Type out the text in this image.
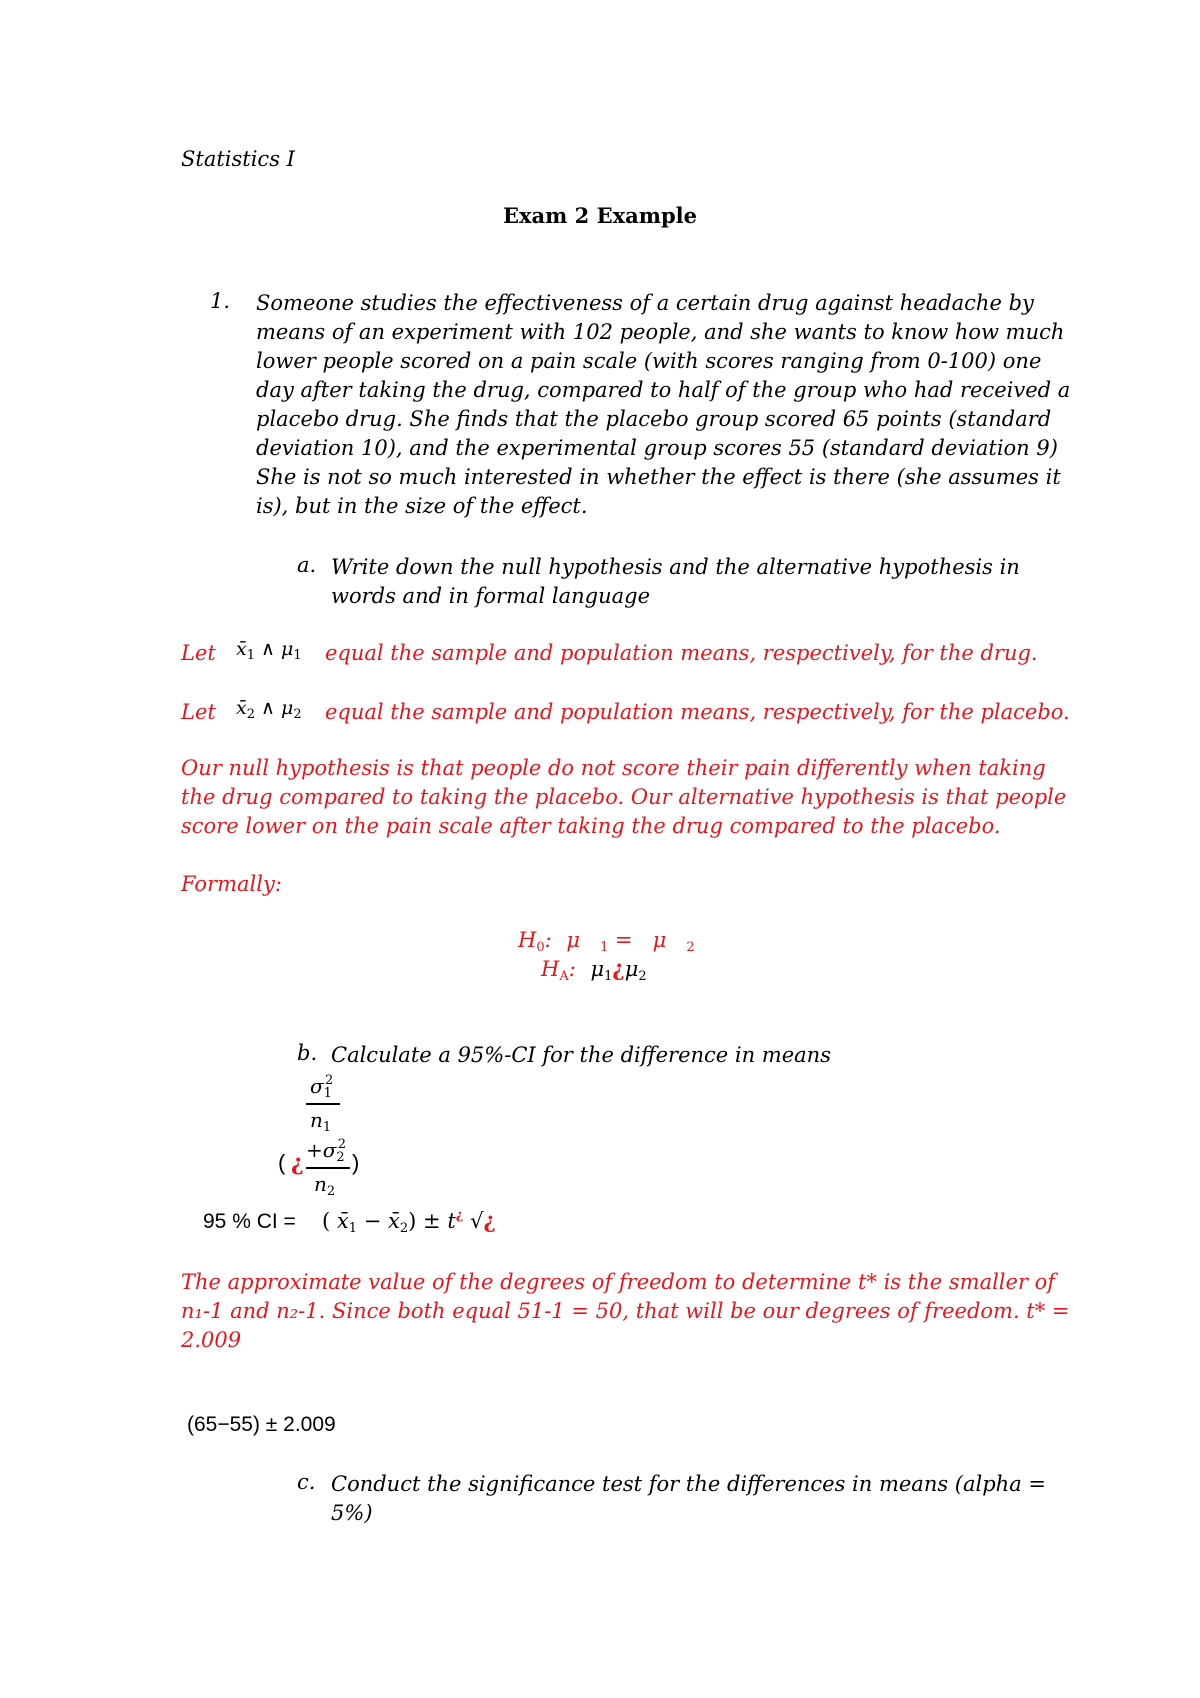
Statistics I
Exam 2 Example
1. Someone studies the effectiveness of a certain drug against headache by
means of an experiment with 102 people, and she wants to know how much
lower people scored on a pain scale (with scores ranging from 0-100) one
day after taking the drug, compared to half of the group who had received a
placebo drug. She finds that the placebo group scored 65 points (standard
deviation 10), and the experimental group scores 55 (standard deviation 9)
She is not so much interested in whether the effect is there (she assumes it
is), but in the size of the effect.
a. Write down the null hypothesis and the alternative hypothesis in
words and in formal language
Let $x̄_1$ ∧ $\mu_1$ equal the sample and population means, respectively, for the drug.
Let $x̄_2$ ∧ $\mu_2$ equal the sample and population means, respectively, for the placebo.
Our null hypothesis is that people do not score their pain differently when taking
the drug compared to taking the placebo. Our alternative hypothesis is that people
score lower on the pain scale after taking the drug compared to the placebo.
Formally:
$H_0$: μ   $_1$ =   μ   $_2$
$H_A$: $\mu_1¿\mu_2$
b. Calculate a 95%-CI for the difference in means
$\sigma_1^2$
$n_1$
( ¿ $+\sigma_2^2$
)
$n_2$
95 % CI = ( $x̄_1$ − $x̄_2) \pm t^¿$ √¿
The approximate value of the degrees of freedom to determine t* is the smaller of
n₁-1 and n₂-1. Since both equal 51-1 = 50, that will be our degrees of freedom. t* =
2.009
(65−55) ± 2.009
c. Conduct the significance test for the differences in means (alpha =
5%)
